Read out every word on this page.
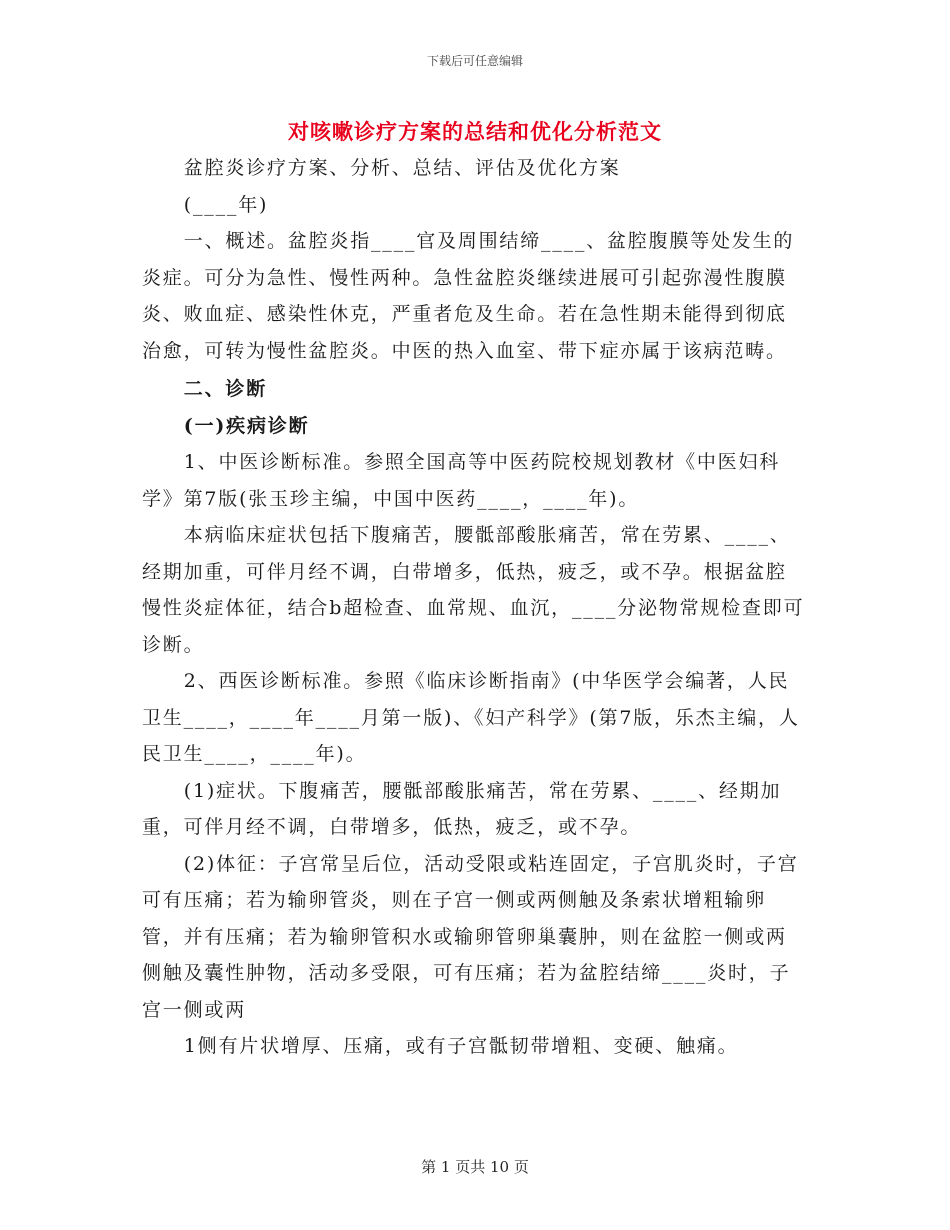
下载后可任意编辑
对咳嗽诊疗方案的总结和优化分析范文

盆腔炎诊疗方案、分析、总结、评估及优化方案

(____年)

一、概述。盆腔炎指____官及周围结缔____、盆腔腹膜等处发生的炎症。可分为急性、慢性两种。急性盆腔炎继续进展可引起弥漫性腹膜炎、败血症、感染性休克，严重者危及生命。若在急性期未能得到彻底治愈，可转为慢性盆腔炎。中医的热入血室、带下症亦属于该病范畴。

二、诊断

(一)疾病诊断

1、中医诊断标准。参照全国高等中医药院校规划教材《中医妇科学》第7版(张玉珍主编，中国中医药____，____年)。

本病临床症状包括下腹痛苦，腰骶部酸胀痛苦，常在劳累、____、经期加重，可伴月经不调，白带增多，低热，疲乏，或不孕。根据盆腔慢性炎症体征，结合b超检查、血常规、血沉，____分泌物常规检查即可诊断。

2、西医诊断标准。参照《临床诊断指南》(中华医学会编著，人民卫生____，____年____月第一版)、《妇产科学》(第7版，乐杰主编，人民卫生____，____年)。

(1)症状。下腹痛苦，腰骶部酸胀痛苦，常在劳累、____、经期加重，可伴月经不调，白带增多，低热，疲乏，或不孕。

(2)体征：子宫常呈后位，活动受限或粘连固定，子宫肌炎时，子宫可有压痛；若为输卵管炎，则在子宫一侧或两侧触及条索状增粗输卵管，并有压痛；若为输卵管积水或输卵管卵巢囊肿，则在盆腔一侧或两侧触及囊性肿物，活动多受限，可有压痛；若为盆腔结缔____炎时，子宫一侧或两

1侧有片状增厚、压痛，或有子宫骶韧带增粗、变硬、触痛。

第 1 页共 10 页
